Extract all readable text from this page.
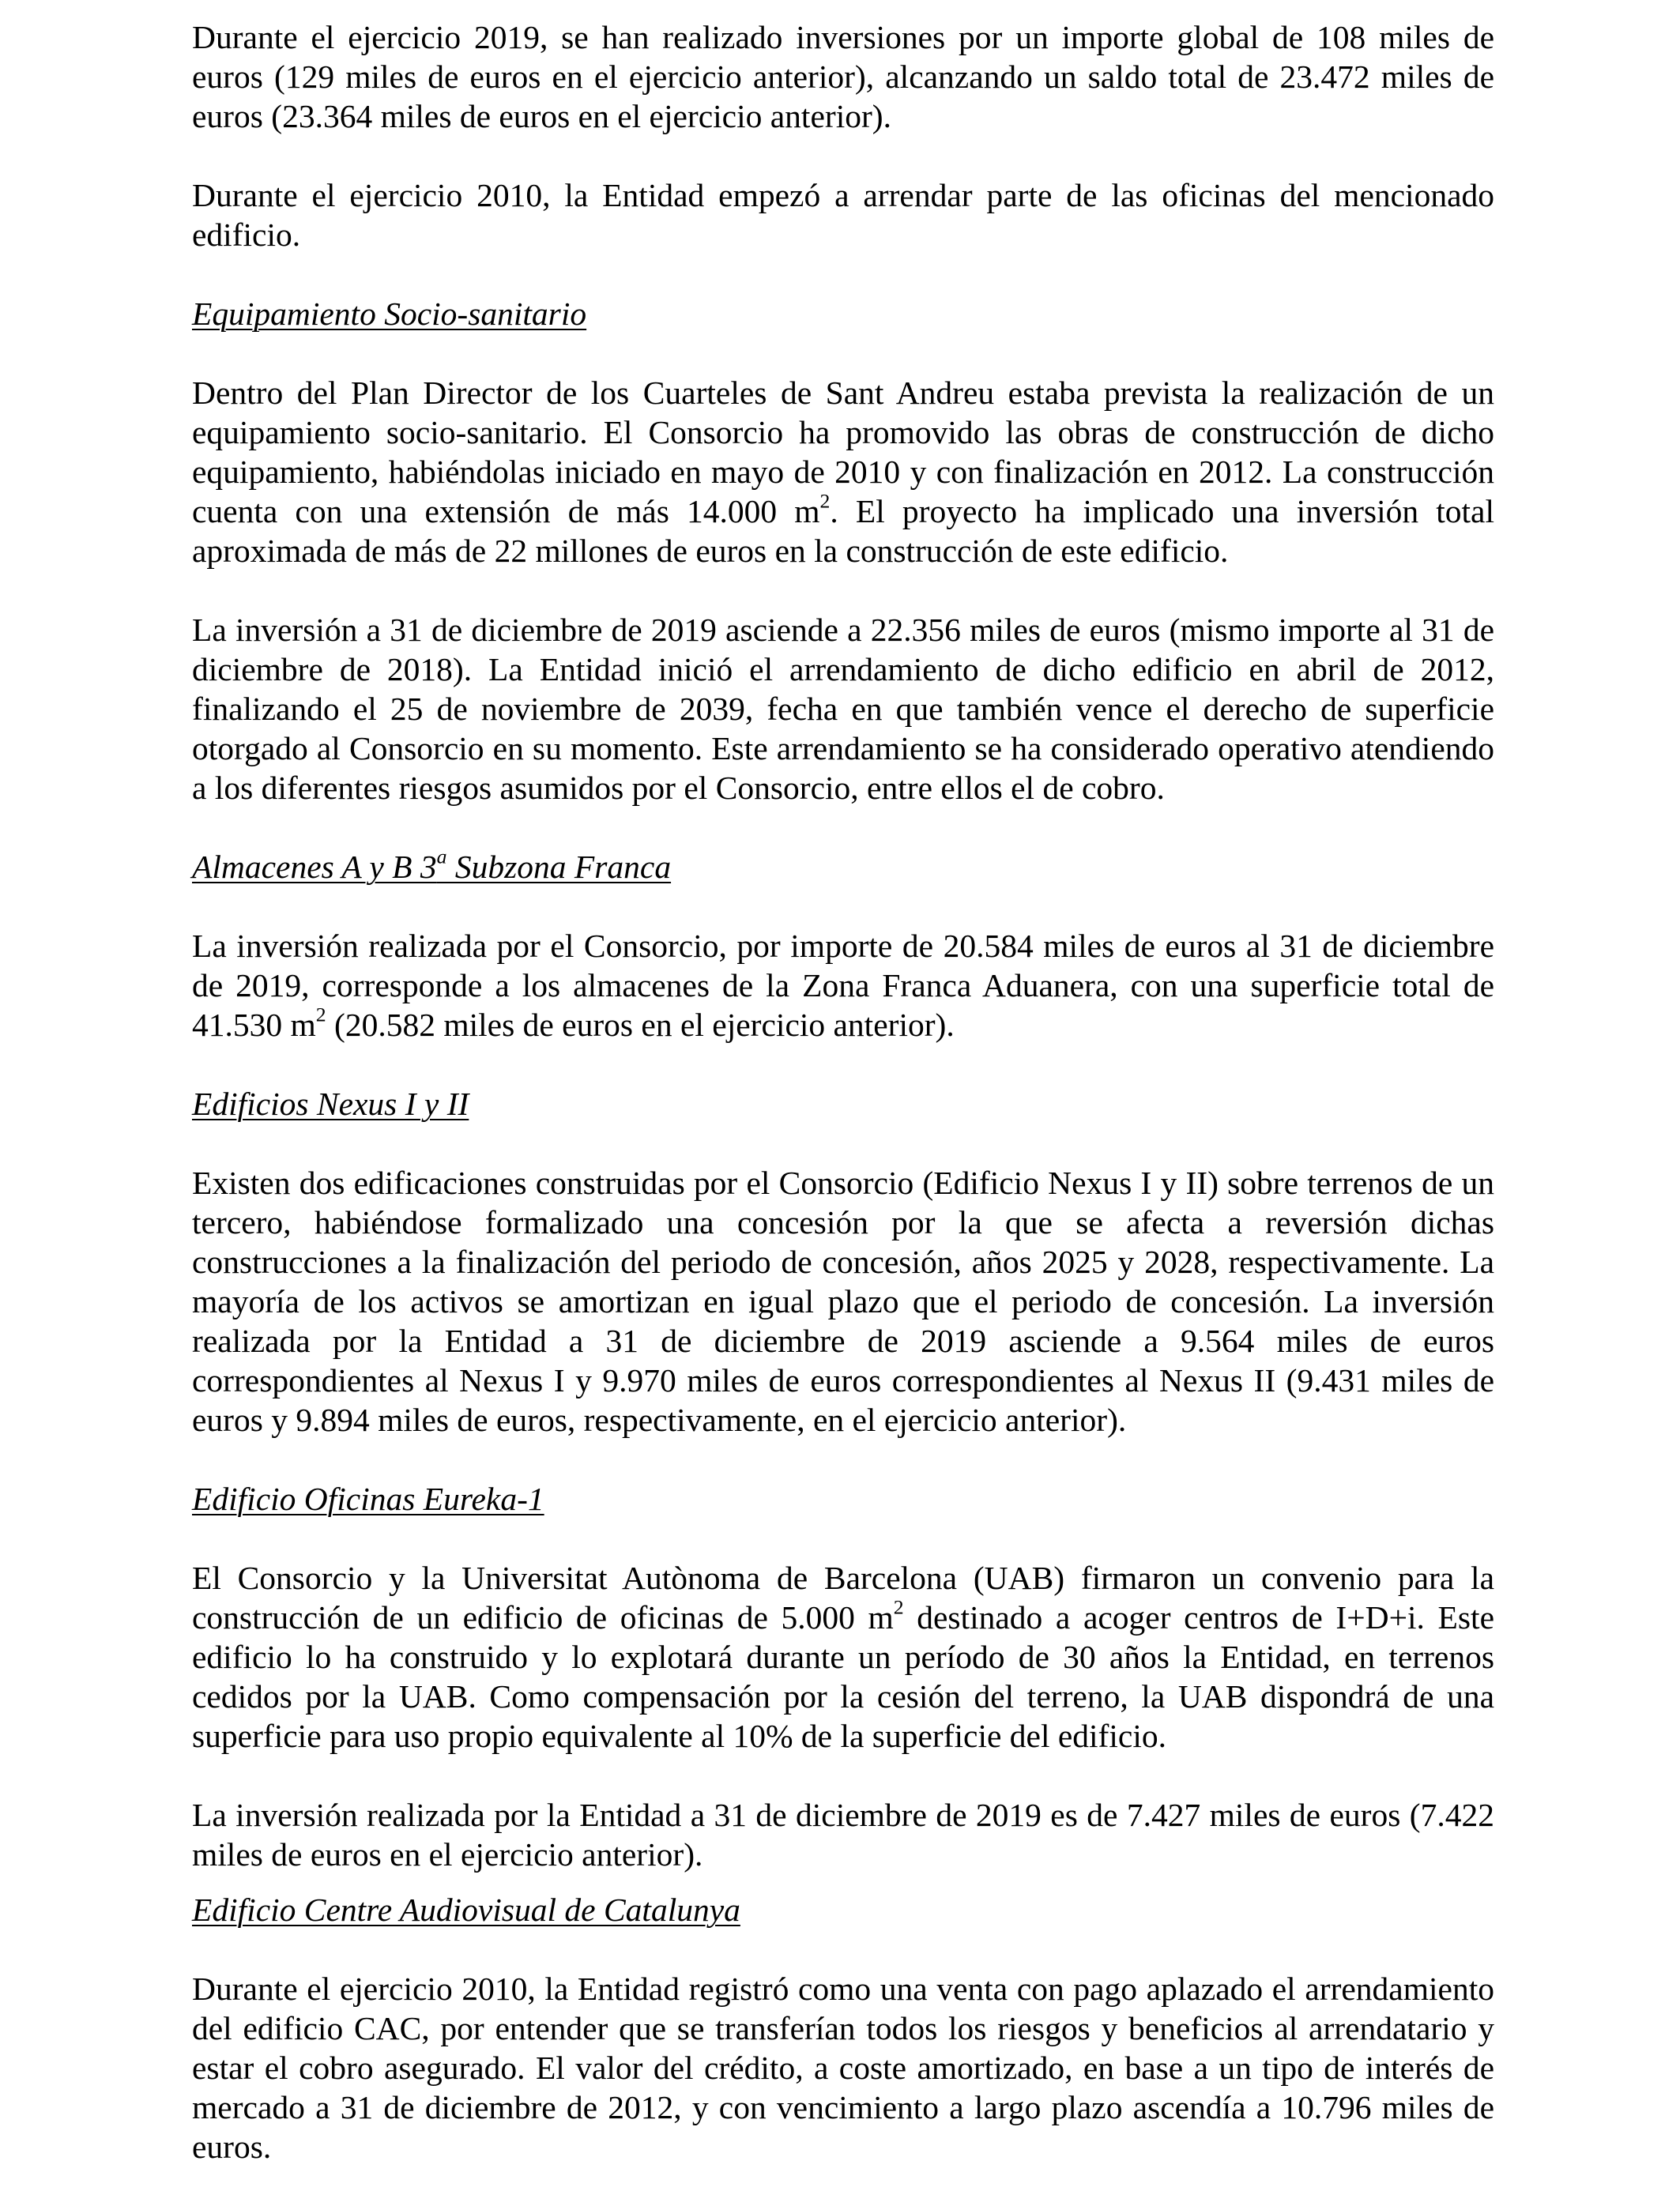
Durante el ejercicio 2019, se han realizado inversiones por un importe global de 108 miles de euros (129 miles de euros en el ejercicio anterior), alcanzando un saldo total de 23.472 miles de euros (23.364 miles de euros en el ejercicio anterior).

Durante el ejercicio 2010, la Entidad empezó a arrendar parte de las oficinas del mencionado edificio.

Equipamiento Socio-sanitario

Dentro del Plan Director de los Cuarteles de Sant Andreu estaba prevista la realización de un equipamiento socio-sanitario. El Consorcio ha promovido las obras de construcción de dicho equipamiento, habiéndolas iniciado en mayo de 2010 y con finalización en 2012. La construcción cuenta con una extensión de más 14.000 $m^2$. El proyecto ha implicado una inversión total aproximada de más de 22 millones de euros en la construcción de este edificio.

La inversión a 31 de diciembre de 2019 asciende a 22.356 miles de euros (mismo importe al 31 de diciembre de 2018). La Entidad inició el arrendamiento de dicho edificio en abril de 2012, finalizando el 25 de noviembre de 2039, fecha en que también vence el derecho de superficie otorgado al Consorcio en su momento. Este arrendamiento se ha considerado operativo atendiendo a los diferentes riesgos asumidos por el Consorcio, entre ellos el de cobro.

Almacenes A y B 3$^a$ Subzona Franca

La inversión realizada por el Consorcio, por importe de 20.584 miles de euros al 31 de diciembre de 2019, corresponde a los almacenes de la Zona Franca Aduanera, con una superficie total de 41.530 $m^2$ (20.582 miles de euros en el ejercicio anterior).

Edificios Nexus I y II

Existen dos edificaciones construidas por el Consorcio (Edificio Nexus I y II) sobre terrenos de un tercero, habiéndose formalizado una concesión por la que se afecta a reversión dichas construcciones a la finalización del periodo de concesión, años 2025 y 2028, respectivamente. La mayoría de los activos se amortizan en igual plazo que el periodo de concesión. La inversión realizada por la Entidad a 31 de diciembre de 2019 asciende a 9.564 miles de euros correspondientes al Nexus I y 9.970 miles de euros correspondientes al Nexus II (9.431 miles de euros y 9.894 miles de euros, respectivamente, en el ejercicio anterior).

Edificio Oficinas Eureka-1

El Consorcio y la Universitat Autònoma de Barcelona (UAB) firmaron un convenio para la construcción de un edificio de oficinas de 5.000 $m^2$ destinado a acoger centros de I+D+i. Este edificio lo ha construido y lo explotará durante un período de 30 años la Entidad, en terrenos cedidos por la UAB. Como compensación por la cesión del terreno, la UAB dispondrá de una superficie para uso propio equivalente al 10% de la superficie del edificio.

La inversión realizada por la Entidad a 31 de diciembre de 2019 es de 7.427 miles de euros (7.422 miles de euros en el ejercicio anterior).

Edificio Centre Audiovisual de Catalunya

Durante el ejercicio 2010, la Entidad registró como una venta con pago aplazado el arrendamiento del edificio CAC, por entender que se transferían todos los riesgos y beneficios al arrendatario y estar el cobro asegurado. El valor del crédito, a coste amortizado, en base a un tipo de interés de mercado a 31 de diciembre de 2012, y con vencimiento a largo plazo ascendía a 10.796 miles de euros.
